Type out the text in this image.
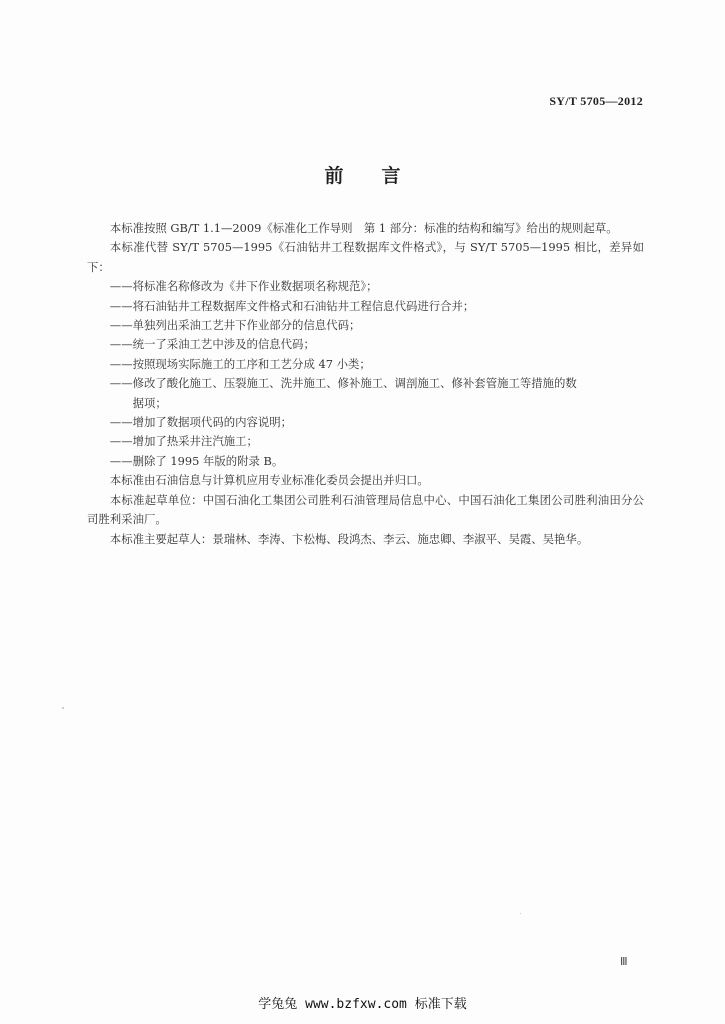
SY/T 5705—2012
前言

本标准按照 GB/T 1.1—2009《标准化工作导则　第 1 部分：标准的结构和编写》给出的规则起草。

本标准代替 SY/T 5705—1995《石油钻井工程数据库文件格式》，与 SY/T 5705—1995 相比，差异如下：

——将标准名称修改为《井下作业数据项名称规范》；

——将石油钻井工程数据库文件格式和石油钻井工程信息代码进行合并；

——单独列出采油工艺井下作业部分的信息代码；

——统一了采油工艺中涉及的信息代码；

——按照现场实际施工的工序和工艺分成 47 小类；

——修改了酸化施工、压裂施工、洗井施工、修补施工、调剖施工、修补套管施工等措施的数
据项；

——增加了数据项代码的内容说明；

——增加了热采井注汽施工；

——删除了 1995 年版的附录 B。

本标准由石油信息与计算机应用专业标准化委员会提出并归口。

本标准起草单位：中国石油化工集团公司胜利石油管理局信息中心、中国石油化工集团公司胜利油田分公司胜利采油厂。

本标准主要起草人：景瑞林、李涛、卞松梅、段鸿杰、李云、施忠卿、李淑平、吴霞、吴艳华。

Ⅲ
学兔兔 www.bzfxw.com 标准下载
